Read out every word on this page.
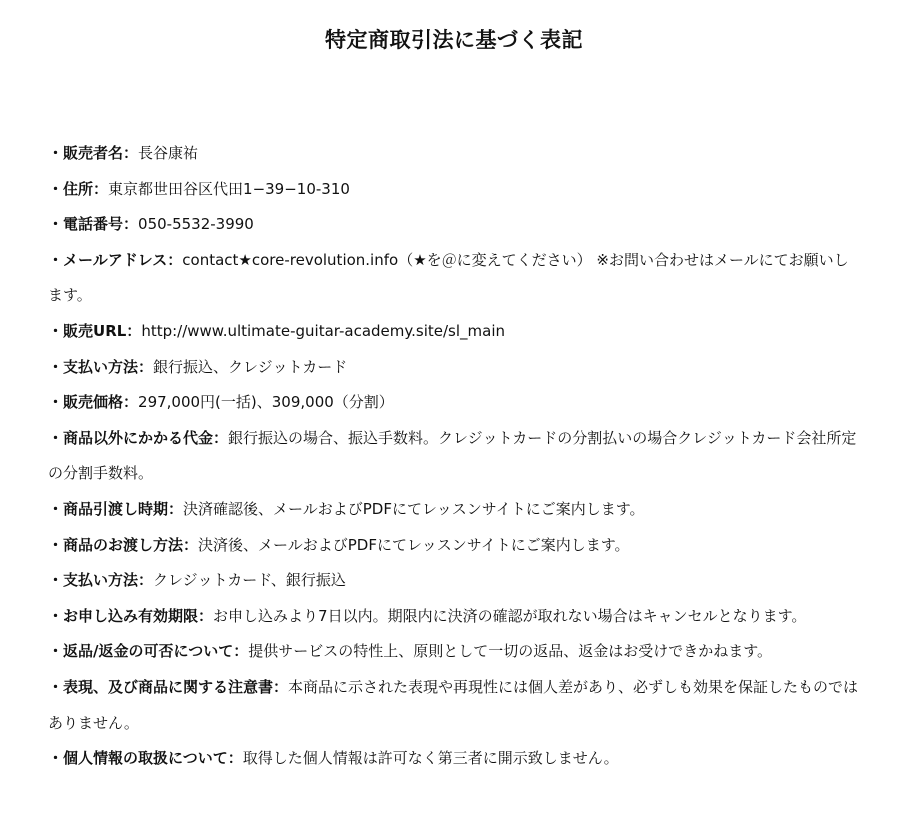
特定商取引法に基づく表記
・販売者名：長谷康祐
・住所：東京都世田谷区代田1−39−10-310
・電話番号：050-5532-3990
・メールアドレス：contact★core-revolution.info（★を＠に変えてください） ※お問い合わせはメールにてお願いします。
・販売URL：http://www.ultimate-guitar-academy.site/sl_main
・支払い方法：銀行振込、クレジットカード
・販売価格：297,000円(一括)、309,000（分割）
・商品以外にかかる代金：銀行振込の場合、振込手数料。クレジットカードの分割払いの場合クレジットカード会社所定の分割手数料。
・商品引渡し時期：決済確認後、メールおよびPDFにてレッスンサイトにご案内します。
・商品のお渡し方法：決済後、メールおよびPDFにてレッスンサイトにご案内します。
・支払い方法：クレジットカード、銀行振込
・お申し込み有効期限：お申し込みより7日以内。期限内に決済の確認が取れない場合はキャンセルとなります。
・返品/返金の可否について：提供サービスの特性上、原則として一切の返品、返金はお受けできかねます。
・表現、及び商品に関する注意書：本商品に示された表現や再現性には個人差があり、必ずしも効果を保証したものではありません。
・個人情報の取扱について：取得した個人情報は許可なく第三者に開示致しません。
